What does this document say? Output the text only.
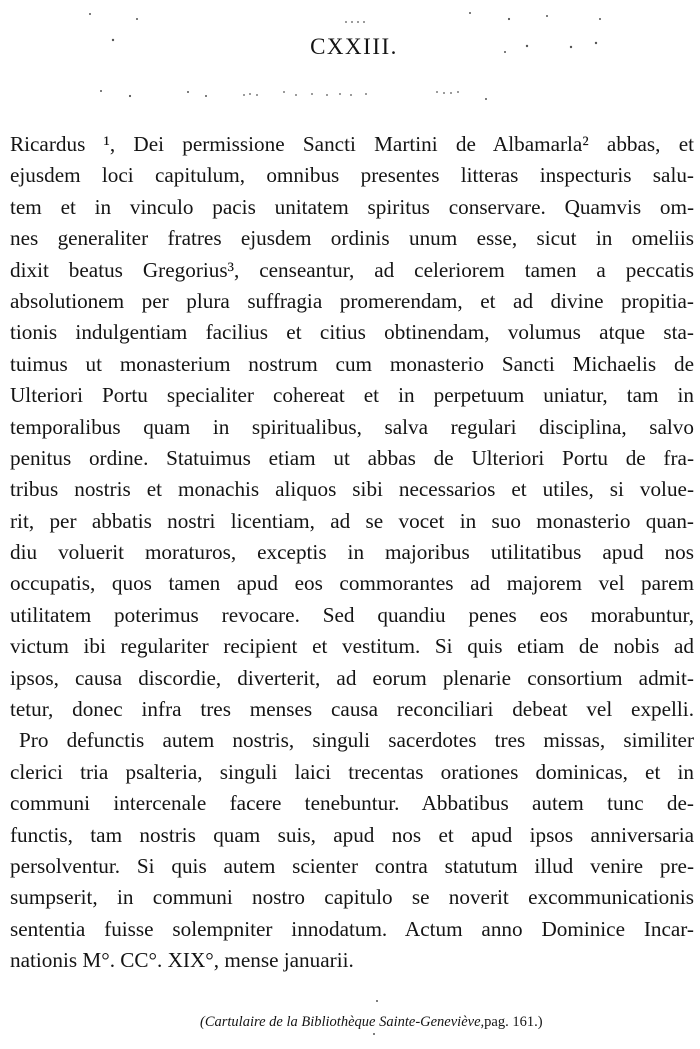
CXXIII.
Ricardus ¹, Dei permissione Sancti Martini de Albamarla² abbas, et
ejusdem loci capitulum, omnibus presentes litteras inspecturis salu-
tem et in vinculo pacis unitatem spiritus conservare. Quamvis om-
nes generaliter fratres ejusdem ordinis unum esse, sicut in omeliis
dixit beatus Gregorius³, censeantur, ad celeriorem tamen a peccatis
absolutionem per plura suffragia promerendam, et ad divine propitia-
tionis indulgentiam facilius et citius obtinendam, volumus atque sta-
tuimus ut monasterium nostrum cum monasterio Sancti Michaelis de
Ulteriori Portu specialiter cohereat et in perpetuum uniatur, tam in
temporalibus quam in spiritualibus, salva regulari disciplina, salvo
penitus ordine. Statuimus etiam ut abbas de Ulteriori Portu de fra-
tribus nostris et monachis aliquos sibi necessarios et utiles, si volue-
rit, per abbatis nostri licentiam, ad se vocet in suo monasterio quan-
diu voluerit moraturos, exceptis in majoribus utilitatibus apud nos
occupatis, quos tamen apud eos commorantes ad majorem vel parem
utilitatem poterimus revocare. Sed quandiu penes eos morabuntur,
victum ibi regulariter recipient et vestitum. Si quis etiam de nobis ad
ipsos, causa discordie, diverterit, ad eorum plenarie consortium admit-
tetur, donec infra tres menses causa reconciliari debeat vel expelli.
Pro defunctis autem nostris, singuli sacerdotes tres missas, similiter
clerici tria psalteria, singuli laici trecentas orationes dominicas, et in
communi intercenale facere tenebuntur. Abbatibus autem tunc de-
functis, tam nostris quam suis, apud nos et apud ipsos anniversaria
persolventur. Si quis autem scienter contra statutum illud venire pre-
sumpserit, in communi nostro capitulo se noverit excommunicationis
sententia fuisse solempniter innodatum. Actum anno Dominice Incar-
nationis M°. CC°. XIX°, mense januarii.
(Cartulaire de la Bibliothèque Sainte-Geneviève,pag. 161.)
